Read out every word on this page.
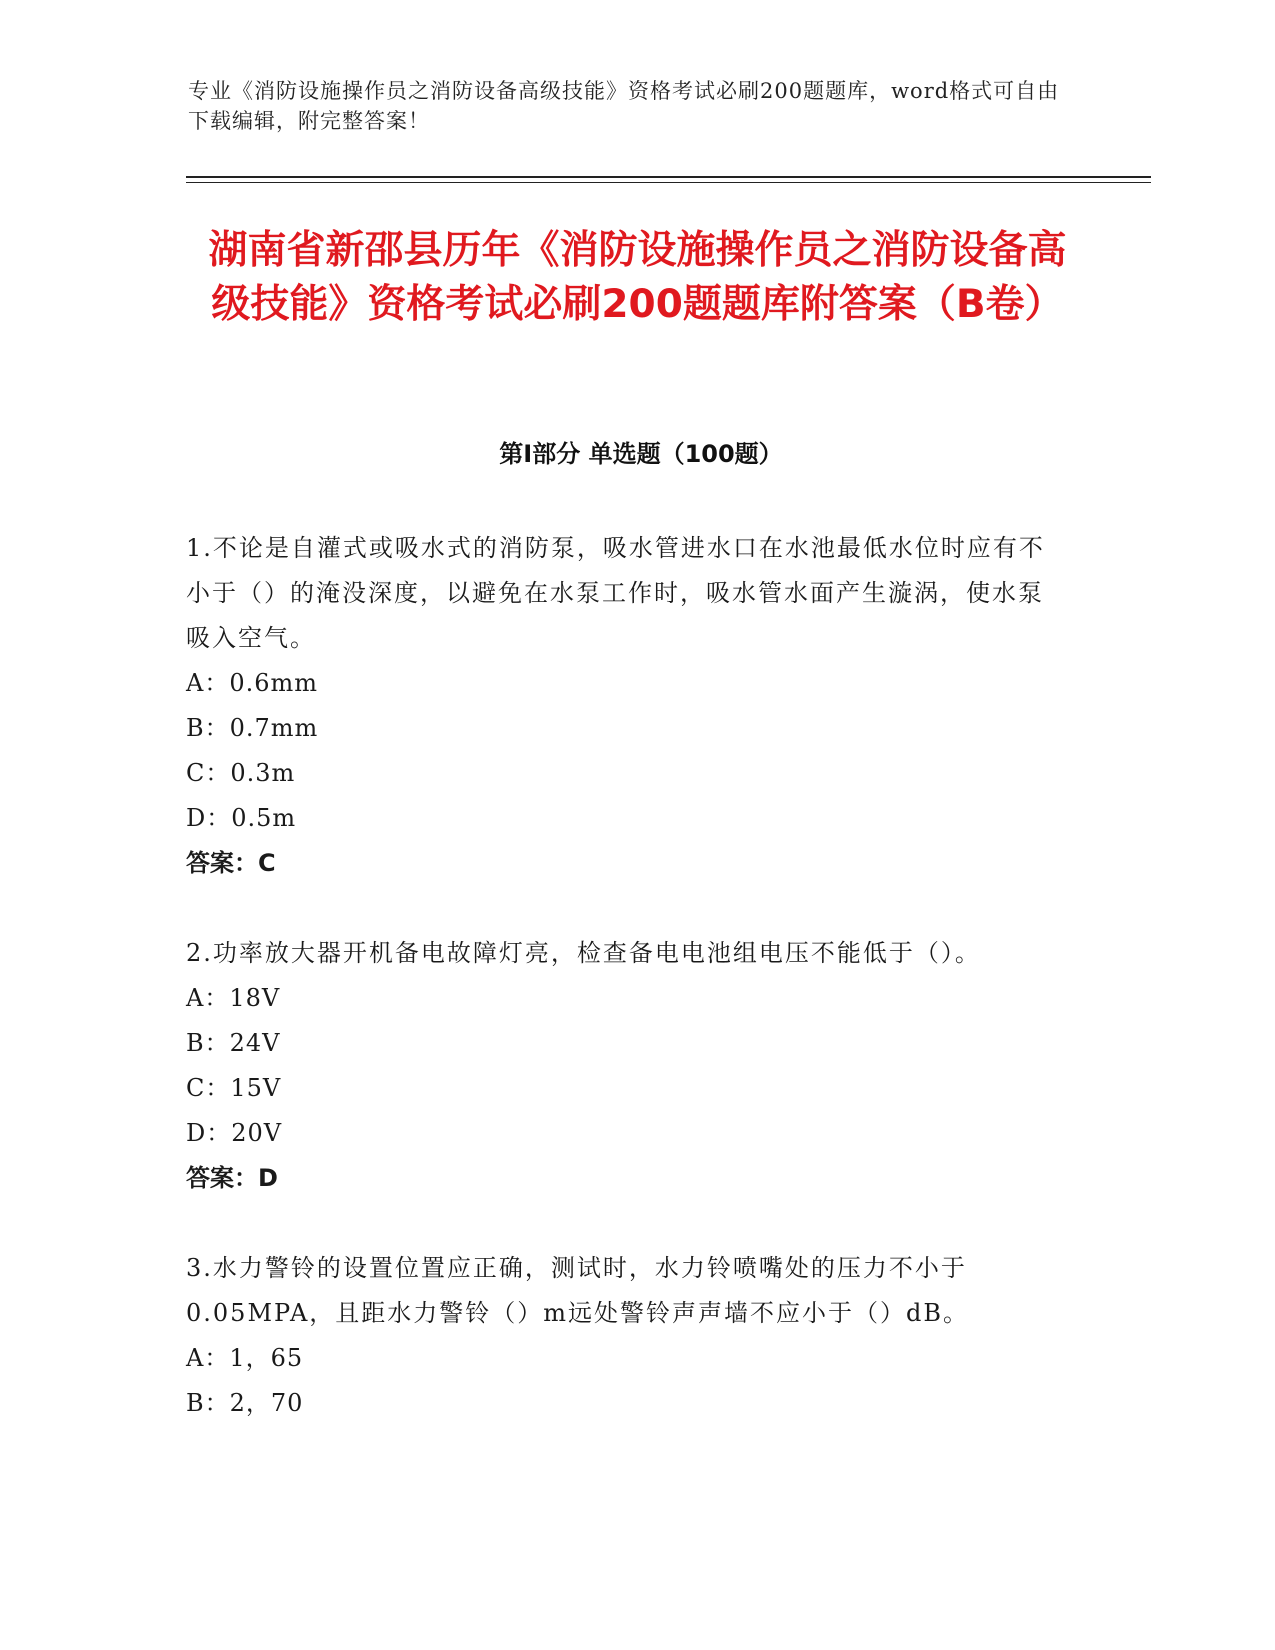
专业《消防设施操作员之消防设备高级技能》资格考试必刷200题题库，word格式可自由下载编辑，附完整答案！
湖南省新邵县历年《消防设施操作员之消防设备高级技能》资格考试必刷200题题库附答案（B卷）
第Ⅰ部分 单选题（100题）

1.不论是自灌式或吸水式的消防泵，吸水管进水口在水池最低水位时应有不小于（）的淹没深度，以避免在水泵工作时，吸水管水面产生漩涡，使水泵吸入空气。

A：0.6mm

B：0.7mm

C：0.3m

D：0.5m

答案：C

2.功率放大器开机备电故障灯亮，检查备电电池组电压不能低于（）。

A：18V

B：24V

C：15V

D：20V

答案：D

3.水力警铃的设置位置应正确，测试时，水力铃喷嘴处的压力不小于0.05MPA，且距水力警铃（）m远处警铃声声墙不应小于（）dB。

A：1，65

B：2，70
